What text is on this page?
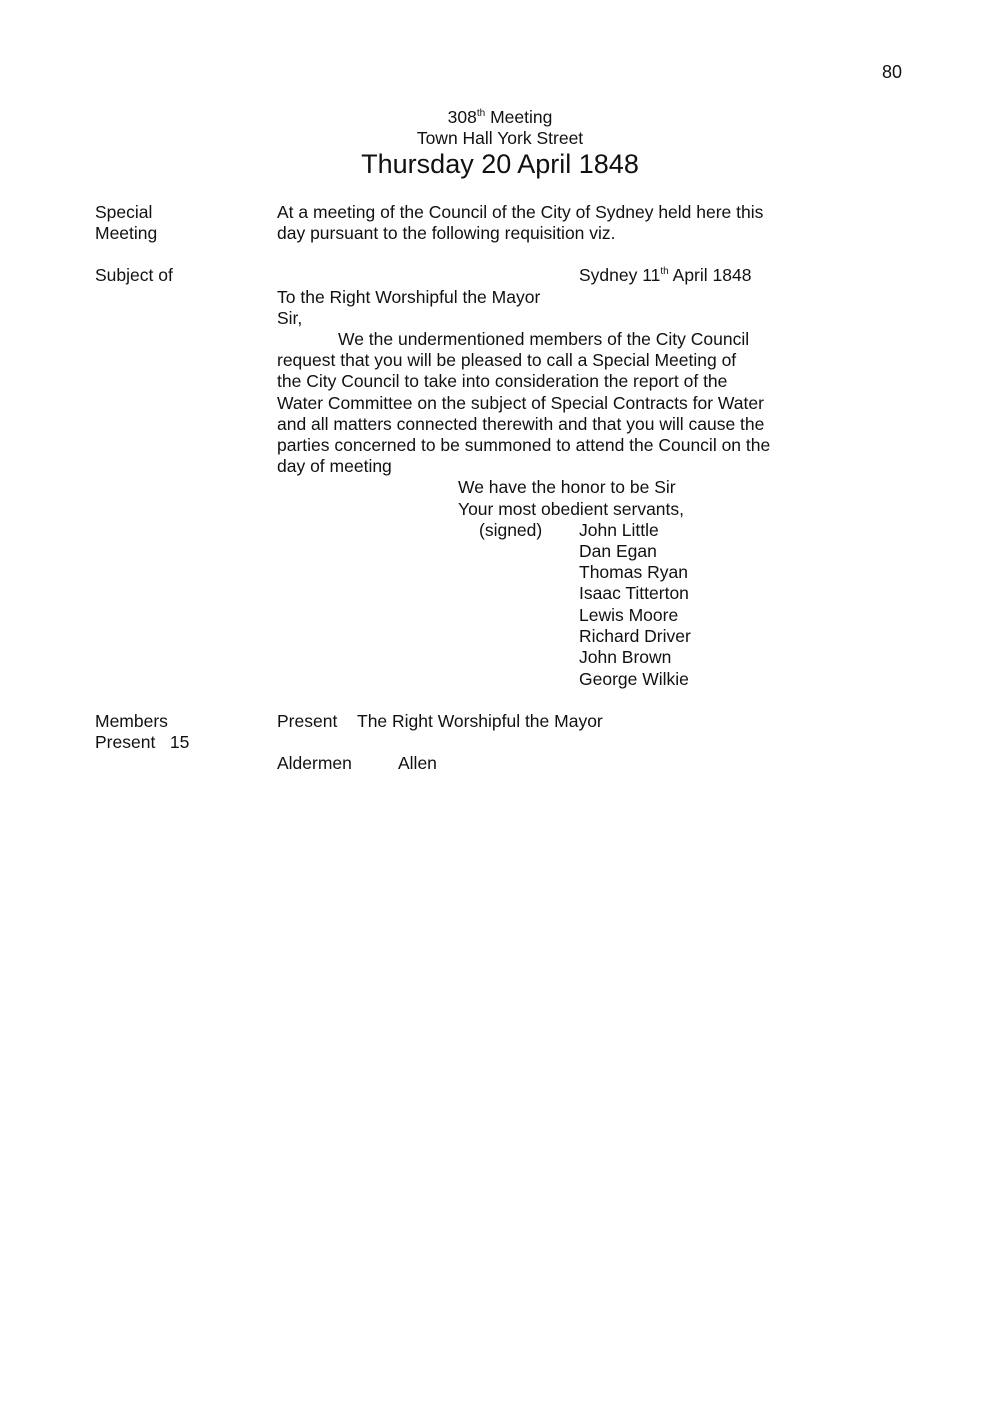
80
308th Meeting
Town Hall York Street
Thursday 20 April 1848
Special
Meeting
At a meeting of the Council of the City of Sydney held here this
day pursuant to the following requisition viz.
Subject of	Sydney 11th April 1848
To the Right Worshipful the Mayor
Sir,
We the undermentioned members of the City Council
request that you will be pleased to call a Special Meeting of
the City Council to take into consideration the report of the
Water Committee on the subject of Special Contracts for Water
and all matters connected therewith and that you will cause the
parties concerned to be summoned to attend the Council on the
day of meeting
We have the honor to be Sir
Your most obedient servants,
(signed) John Little
Dan Egan
Thomas Ryan
Isaac Titterton
Lewis Moore
Richard Driver
John Brown
George Wilkie
Members
Present   15
Present The Right Worshipful the Mayor
Aldermen	Allen
